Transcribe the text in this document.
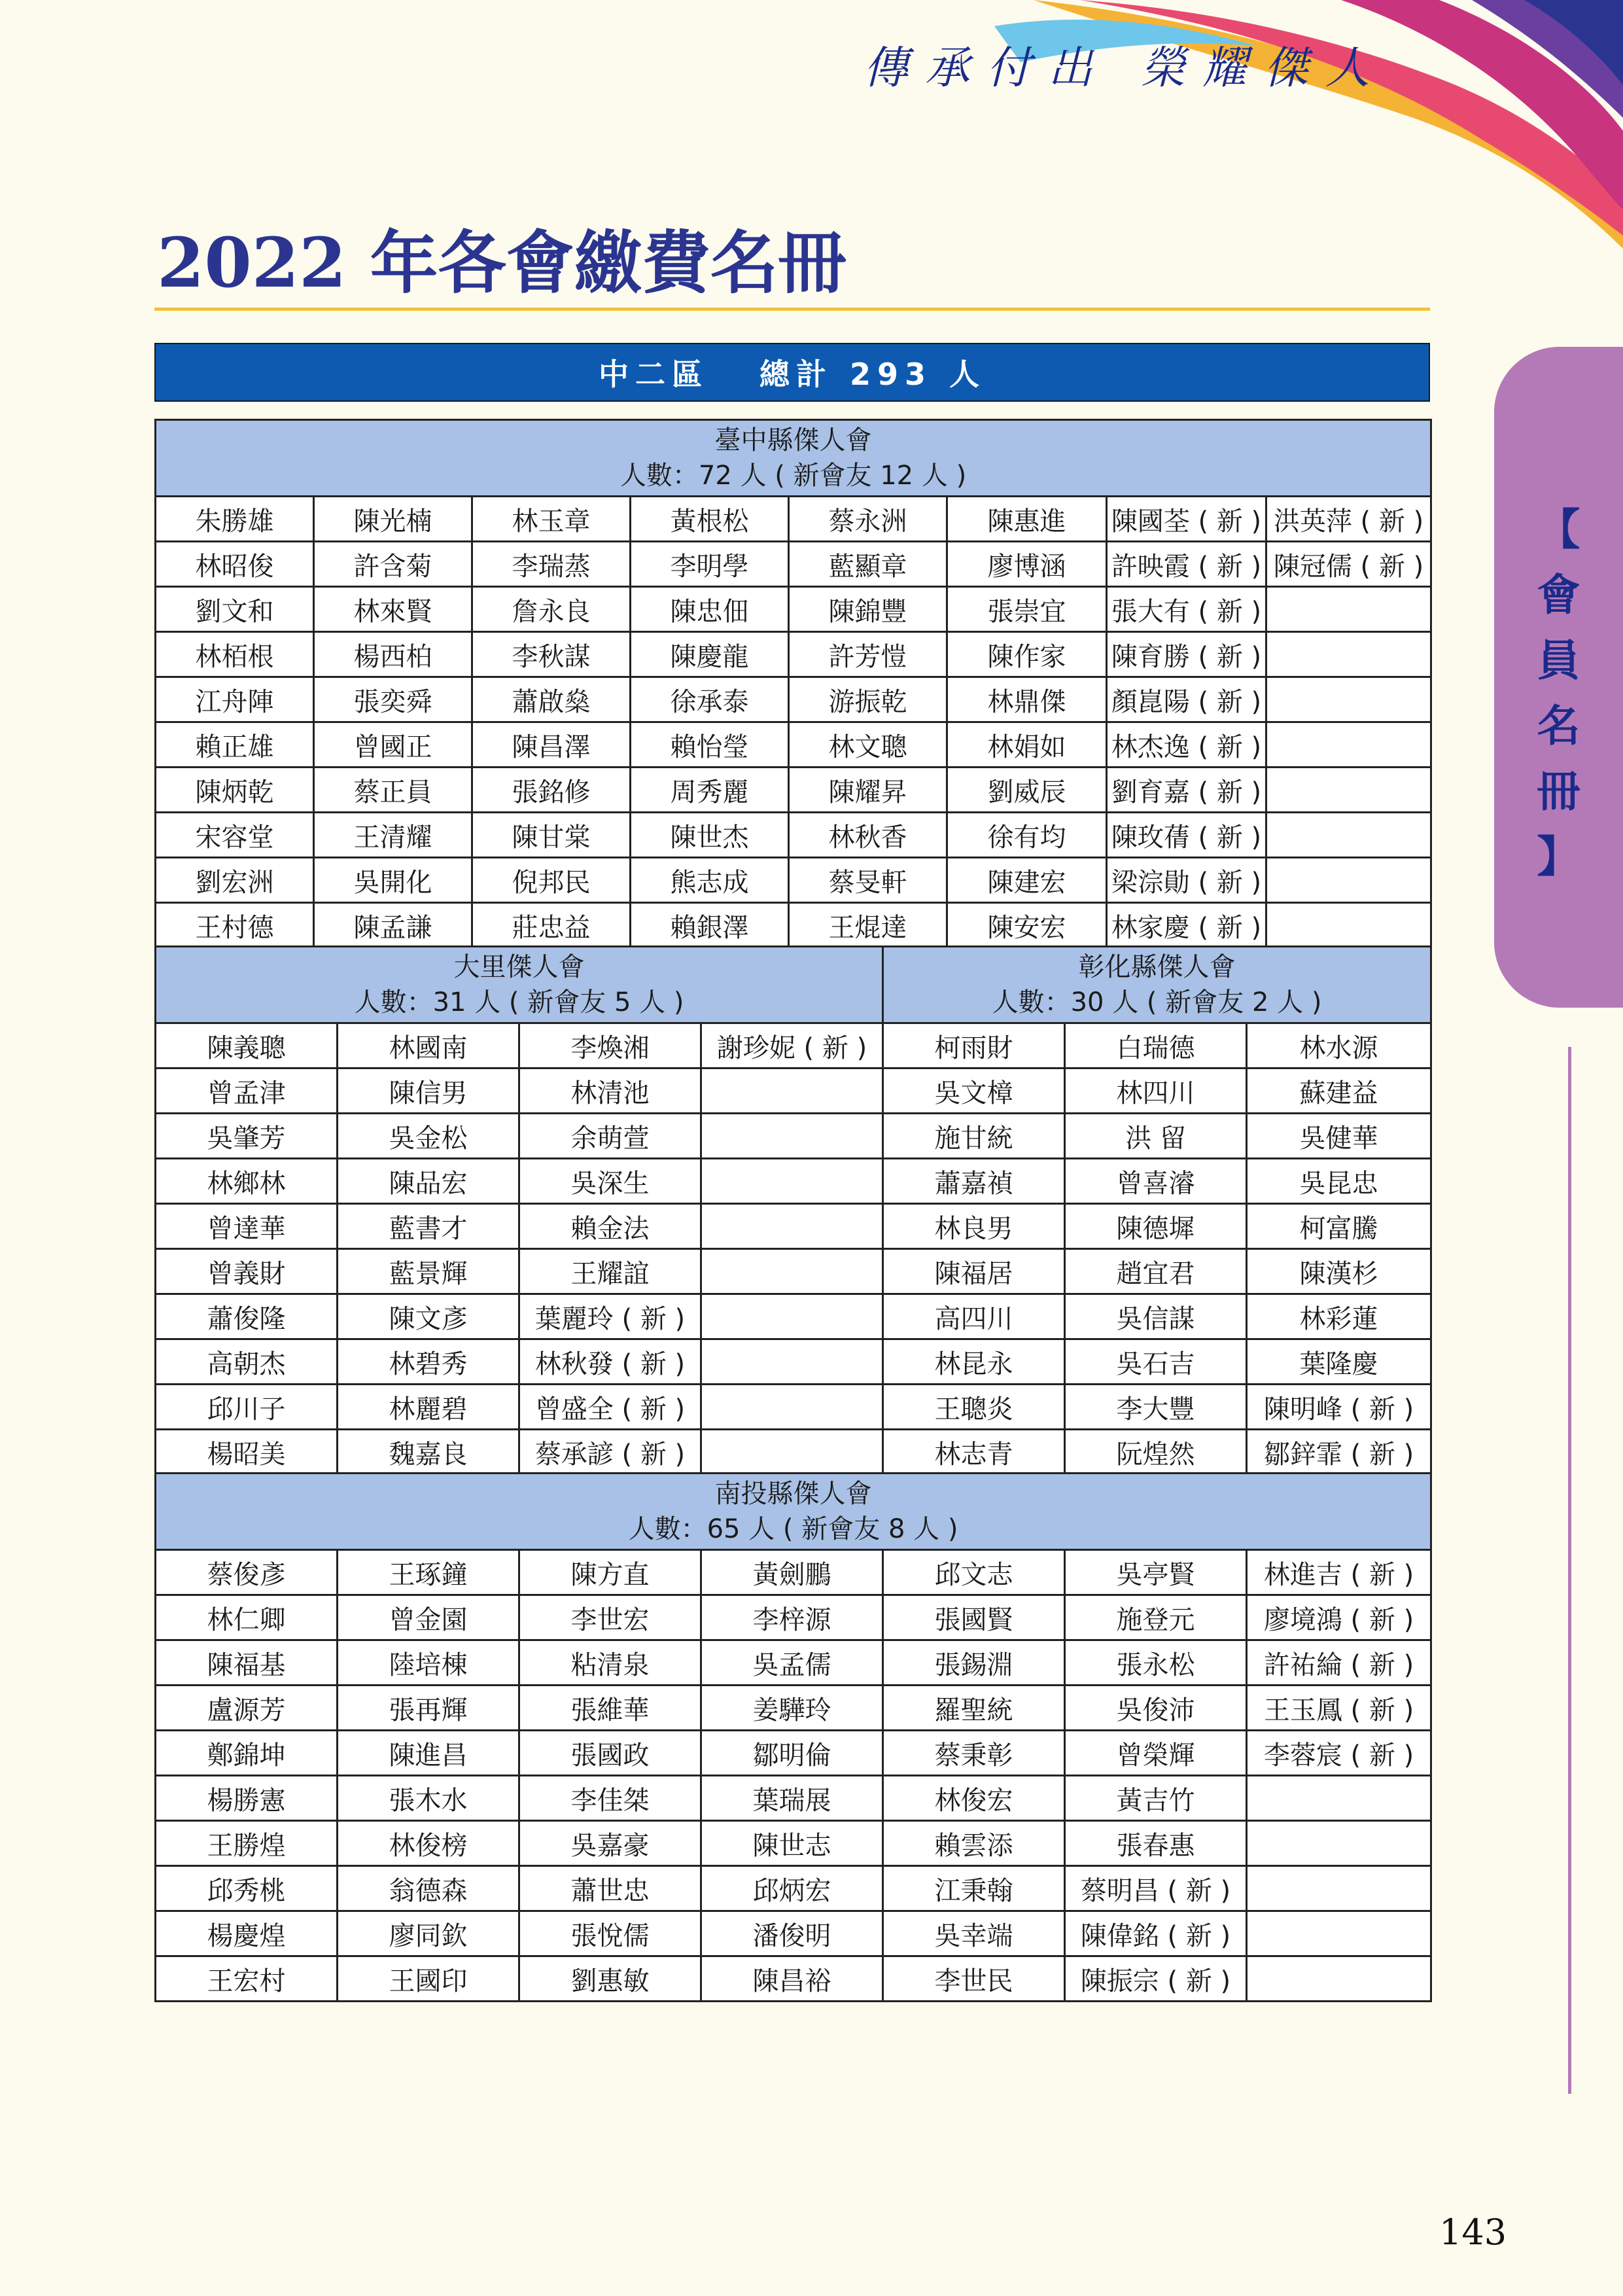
傳承付出 榮耀傑人
2022 年各會繳費名冊
【
會
員
名
冊
】
中二區   總計 293 人
臺中縣傑人會
人數：72 人 ( 新會友 12 人 )							

朱勝雄	陳光楠	林玉章	黃根松	蔡永洲	陳惠進	陳國荃 ( 新 )	洪英萍 ( 新 )
林昭俊	許含菊	李瑞蒸	李明學	藍顯章	廖博涵	許映霞 ( 新 )	陳冠儒 ( 新 )
劉文和	林來賢	詹永良	陳忠佃	陳錦豐	張崇宜	張大有 ( 新 )	
林栢根	楊西柏	李秋謀	陳慶龍	許芳愷	陳作家	陳育勝 ( 新 )	
江舟陣	張奕舜	蕭啟燊	徐承泰	游振乾	林鼎傑	顏崑陽 ( 新 )	
賴正雄	曾國正	陳昌澤	賴怡瑩	林文聰	林娟如	林杰逸 ( 新 )	
陳炳乾	蔡正員	張銘修	周秀麗	陳耀昇	劉威辰	劉育嘉 ( 新 )	
宋容堂	王清耀	陳甘棠	陳世杰	林秋香	徐有均	陳玫蒨 ( 新 )	
劉宏洲	吳開化	倪邦民	熊志成	蔡旻軒	陳建宏	梁淙勛 ( 新 )	
王村德	陳孟謙	莊忠益	賴銀澤	王焜達	陳安宏	林家慶 ( 新 )	
大里傑人會
人數：31 人 ( 新會友 5 人 )				彰化縣傑人會
人數：30 人 ( 新會友 2 人 )		

陳義聰	林國南	李煥湘	謝珍妮 ( 新 )	柯雨財	白瑞德	林水源
曾孟津	陳信男	林清池		吳文樟	林四川	蘇建益
吳肇芳	吳金松	余萌萱		施甘統	洪 留	吳健華
林鄉林	陳品宏	吳深生		蕭嘉禎	曾喜濬	吳昆忠
曾達華	藍書才	賴金法		林良男	陳德墀	柯富騰
曾義財	藍景輝	王耀誼		陳福居	趙宜君	陳漢杉
蕭俊隆	陳文彥	葉麗玲 ( 新 )		高四川	吳信謀	林彩蓮
高朝杰	林碧秀	林秋發 ( 新 )		林昆永	吳石吉	葉隆慶
邱川子	林麗碧	曾盛全 ( 新 )		王聰炎	李大豐	陳明峰 ( 新 )
楊昭美	魏嘉良	蔡承諺 ( 新 )		林志青	阮煌然	鄒鋅霏 ( 新 )
南投縣傑人會
人數：65 人 ( 新會友 8 人 )						

蔡俊彥	王琢鐘	陳方直	黃劍鵬	邱文志	吳亭賢	林進吉 ( 新 )
林仁卿	曾金園	李世宏	李梓源	張國賢	施登元	廖境鴻 ( 新 )
陳福基	陸培棟	粘清泉	吳孟儒	張錫淵	張永松	許祐綸 ( 新 )
盧源芳	張再輝	張維華	姜驊玲	羅聖統	吳俊沛	王玉鳳 ( 新 )
鄭錦坤	陳進昌	張國政	鄒明倫	蔡秉彰	曾榮輝	李蓉宸 ( 新 )
楊勝憲	張木水	李佳桀	葉瑞展	林俊宏	黃吉竹	
王勝煌	林俊榜	吳嘉豪	陳世志	賴雲添	張春惠	
邱秀桃	翁德森	蕭世忠	邱炳宏	江秉翰	蔡明昌 ( 新 )	
楊慶煌	廖同欽	張悅儒	潘俊明	吳幸端	陳偉銘 ( 新 )	
王宏村	王國印	劉惠敏	陳昌裕	李世民	陳振宗 ( 新 )	
143
